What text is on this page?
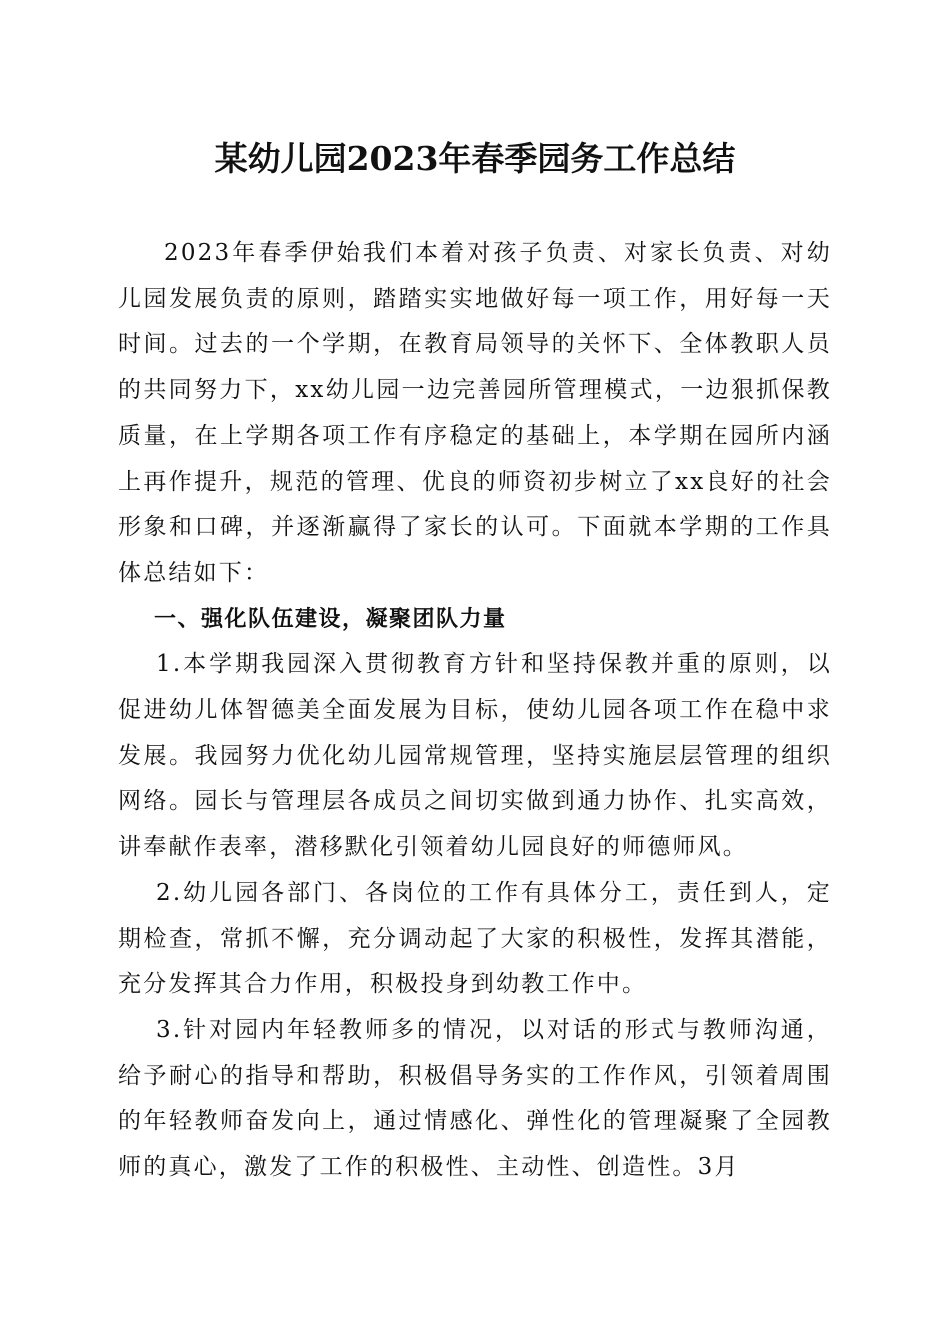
某幼儿园2023年春季园务工作总结

2023年春季伊始我们本着对孩子负责、对家长负责、对幼儿园发展负责的原则，踏踏实实地做好每一项工作，用好每一天时间。过去的一个学期，在教育局领导的关怀下、全体教职人员的共同努力下，xx幼儿园一边完善园所管理模式，一边狠抓保教质量，在上学期各项工作有序稳定的基础上，本学期在园所内涵上再作提升，规范的管理、优良的师资初步树立了xx良好的社会形象和口碑，并逐渐赢得了家长的认可。下面就本学期的工作具体总结如下：

一、强化队伍建设，凝聚团队力量

1.本学期我园深入贯彻教育方针和坚持保教并重的原则，以促进幼儿体智德美全面发展为目标，使幼儿园各项工作在稳中求发展。我园努力优化幼儿园常规管理，坚持实施层层管理的组织网络。园长与管理层各成员之间切实做到通力协作、扎实高效，讲奉献作表率，潜移默化引领着幼儿园良好的师德师风。

2.幼儿园各部门、各岗位的工作有具体分工，责任到人，定期检查，常抓不懈，充分调动起了大家的积极性，发挥其潜能，充分发挥其合力作用，积极投身到幼教工作中。

3.针对园内年轻教师多的情况，以对话的形式与教师沟通，给予耐心的指导和帮助，积极倡导务实的工作作风，引领着周围的年轻教师奋发向上，通过情感化、弹性化的管理凝聚了全园教师的真心，激发了工作的积极性、主动性、创造性。3月
